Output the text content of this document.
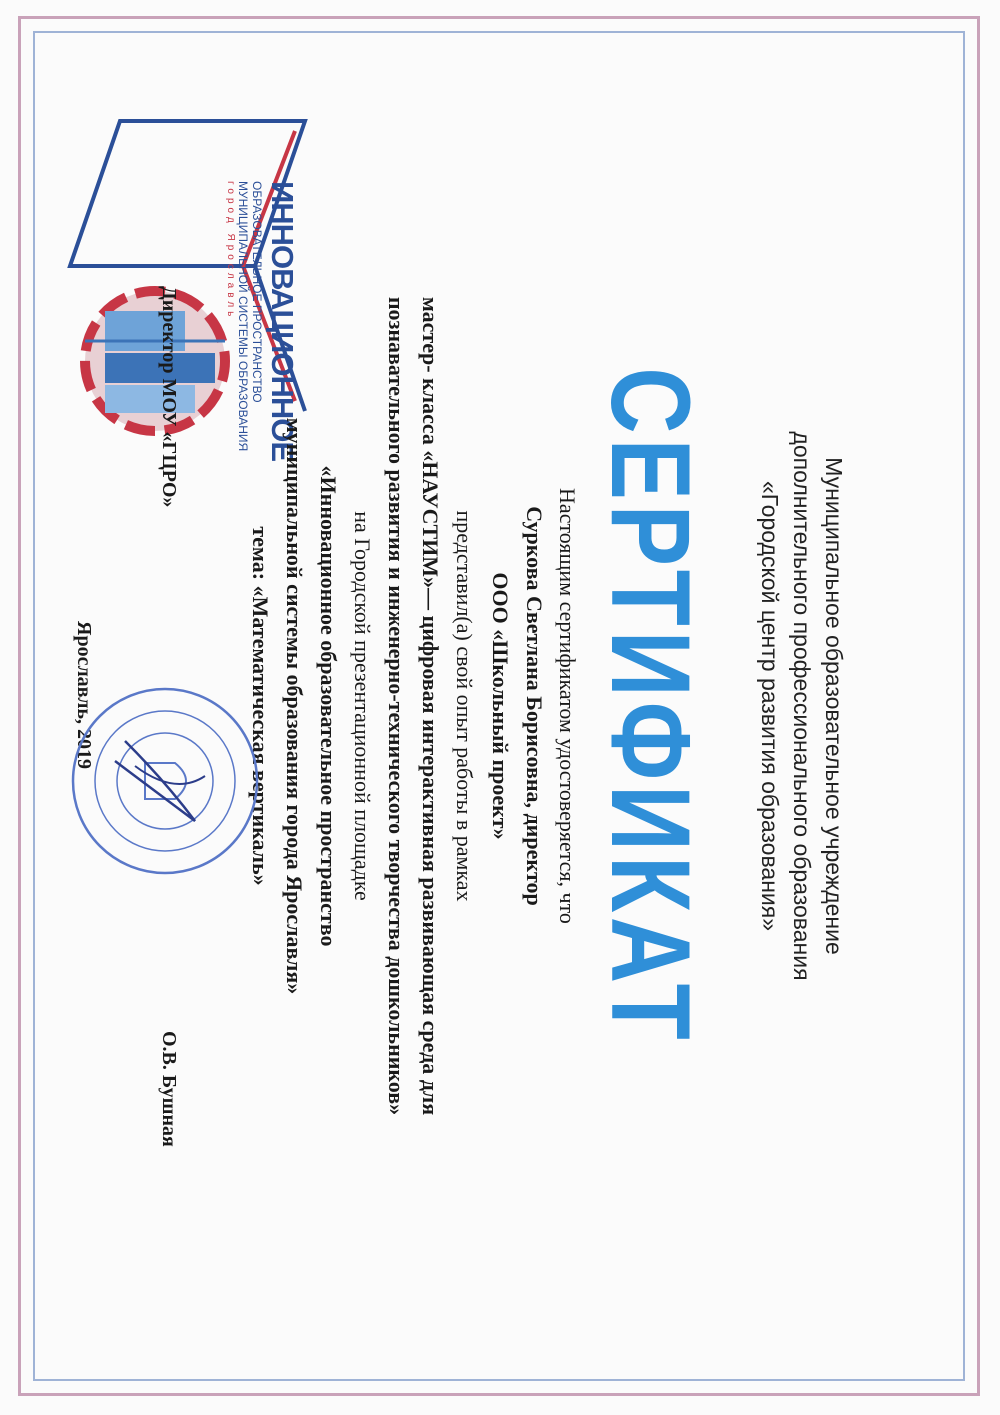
ИННОВАЦИОННОЕ
ОБРАЗОВАТЕЛЬНОЕ ПРОСТРАНСТВО
МУНИЦИПАЛЬНОЙ СИСТЕМЫ ОБРАЗОВАНИЯ
город Ярославль
Муниципальное образовательное учреждение
дополнительного профессионального образования
«Городской центр развития образования»
СЕРТИФИКАТ
Настоящим сертификатом удостоверяется, что
Суркова Светлана Борисовна, директор
ООО «Школьный проект»
представил(а) свой опыт работы в рамках
мастер- класса «НАУСТИМ»— цифровая интерактивная развивающая среда для
познавательного развития и инженерно-технического творчества дошкольников»
на Городской презентационной площадке
«Инновационное образовательное пространство
муниципальной системы образования города Ярославля»
тема: «Математическая вертикаль»
Директор МОУ «ГЦРО»
О.В. Бушная
Ярославль, 2019
